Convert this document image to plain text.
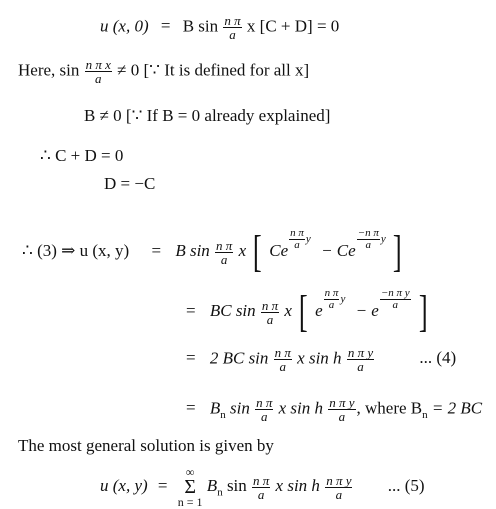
u (x, 0) = B $\sin \frac{\text{n π}}{a}$ x [C + D] = 0
Here, $\sin \frac{\text{n π x}}{a} \ne 0$ [∵ It is defined for all x]
B ≠ 0 [∵ If B = 0 already explained]
∴ C + D = 0
D = −C
∴ (3) ⇒ u (x, y) = B $\sin \frac{\text{n π}}{a}$ x [ Ce $\frac{\text{n π}}{a}$ y − Ce $\frac{\text{−n π}}{a}$ y ]
= BC $\sin \frac{\text{n π}}{a}$ x [ e $\frac{\text{n π}}{a}$ y − e $\frac{\text{−n π y}}{a}$ ]
= 2 BC $\sin \frac{\text{n π}}{a}$ x sin h $\frac{\text{n π y}}{a}$	... (4)
= $B_n$ $\sin \frac{\text{n π}}{a}$ x sin h $\frac{\text{n π y}}{a}$ , where $B_n = 2$ BC
The most general solution is given by
u (x, y) =
∞
Σ
n = 1
$B_n$ $\sin \frac{\text{n π}}{a}$ x sin h $\frac{\text{n π y}}{a}$ ... (5)
